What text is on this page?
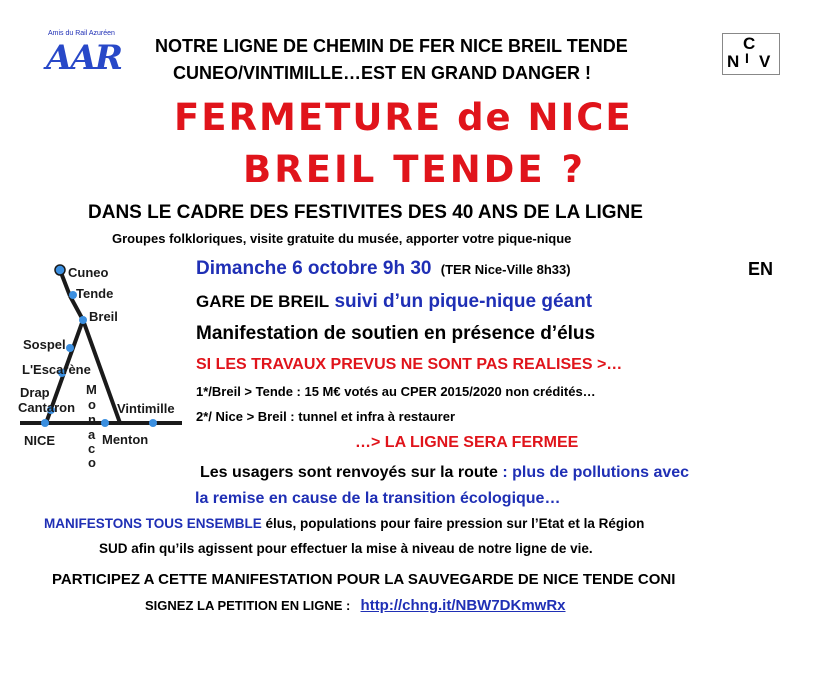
Amis du Rail Azuréen
AAR	C
N I V
NOTRE LIGNE DE CHEMIN DE FER NICE BREIL TENDE
CUNEO/VINTIMILLE…EST EN GRAND DANGER !
FERMETURE de NICE
BREIL TENDE ?
DANS LE CADRE DES FESTIVITES DES 40 ANS DE LA LIGNE
Groupes folkloriques, visite gratuite du musée, apporter votre pique-nique
Cuneo
Tende
Breil
Sospel
L'Escarène
Drap
Cantaron
NICE	Menton
Vintimille
M
o
n
a
c
o
Dimanche 6 octobre 9h 30 (TER Nice-Ville 8h33)	EN
GARE DE BREIL suivi d’un pique-nique géant
Manifestation de soutien en présence d’élus
SI LES TRAVAUX PREVUS NE SONT PAS REALISES >…
1*/Breil > Tende : 15 M€ votés au CPER 2015/2020 non crédités…
2*/ Nice > Breil : tunnel et infra à restaurer
…> LA LIGNE SERA FERMEE
Les usagers sont renvoyés sur la route : plus de pollutions avec
la remise en cause de la transition écologique…
MANIFESTONS TOUS ENSEMBLE élus, populations pour faire pression sur l’Etat et la Région
SUD afin qu’ils agissent pour effectuer la mise à niveau de notre ligne de vie.
PARTICIPEZ A CETTE MANIFESTATION POUR LA SAUVEGARDE DE NICE TENDE CONI
SIGNEZ LA PETITION EN LIGNE : http://chng.it/NBW7DKmwRx
